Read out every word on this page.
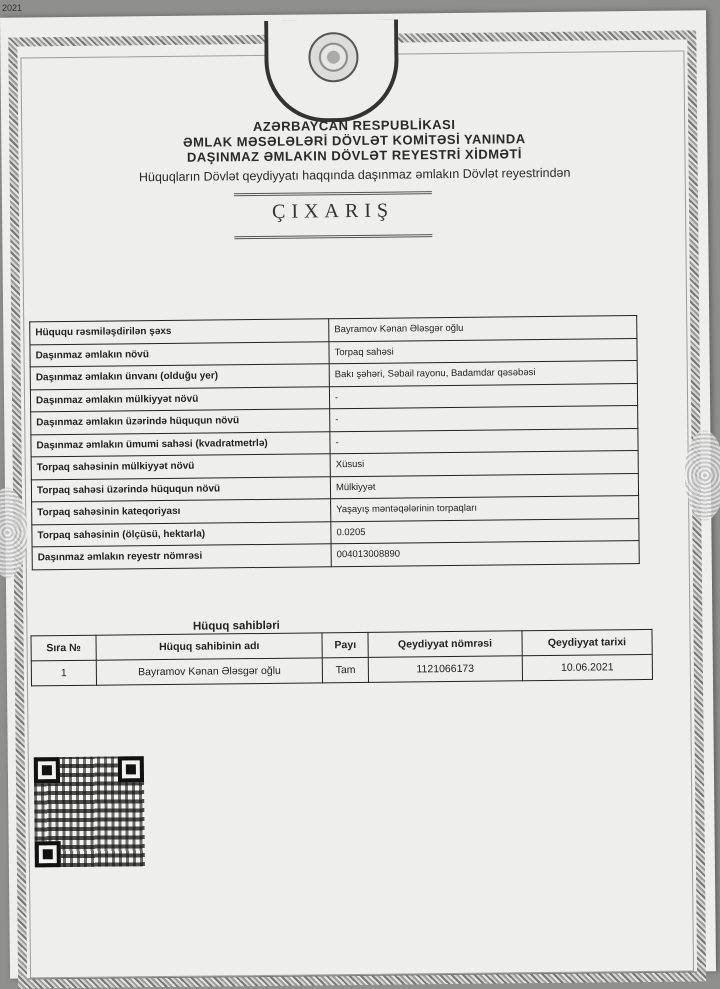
2021
AZƏRBAYCAN RESPUBLİKASI
ƏMLAK MƏSƏLƏLƏRİ DÖVLƏT KOMİTƏSİ YANINDA
DAŞINMAZ ƏMLAKIN DÖVLƏT REYESTRİ XİDMƏTİ
Hüquqların Dövlət qeydiyyatı haqqında daşınmaz əmlakın Dövlət reyestrindən
ÇIXARIŞ
Hüququ rəsmiləşdirilən şəxs	Bayramov Kənan Ələsgər oğlu
Daşınmaz əmlakın növü	Torpaq sahəsi
Daşınmaz əmlakın ünvanı (olduğu yer)	Bakı şəhəri, Səbail rayonu, Badamdar qəsəbəsi
Daşınmaz əmlakın mülkiyyət növü	-
Daşınmaz əmlakın üzərində hüququn növü	-
Daşınmaz əmlakın ümumi sahəsi (kvadratmetrlə)	-
Torpaq sahəsinin mülkiyyət növü	Xüsusi
Torpaq sahəsi üzərində hüququn növü	Mülkiyyət
Torpaq sahəsinin kateqoriyası	Yaşayış məntəqələrinin torpaqları
Torpaq sahəsinin (ölçüsü, hektarla)	0.0205
Daşınmaz əmlakın reyestr nömrəsi	004013008890
Hüquq sahibləri
Sıra №	Hüquq sahibinin adı	Payı	Qeydiyyat nömrəsi	Qeydiyyat tarixi
1	Bayramov Kənan Ələsgər oğlu	Tam	1121066173	10.06.2021
